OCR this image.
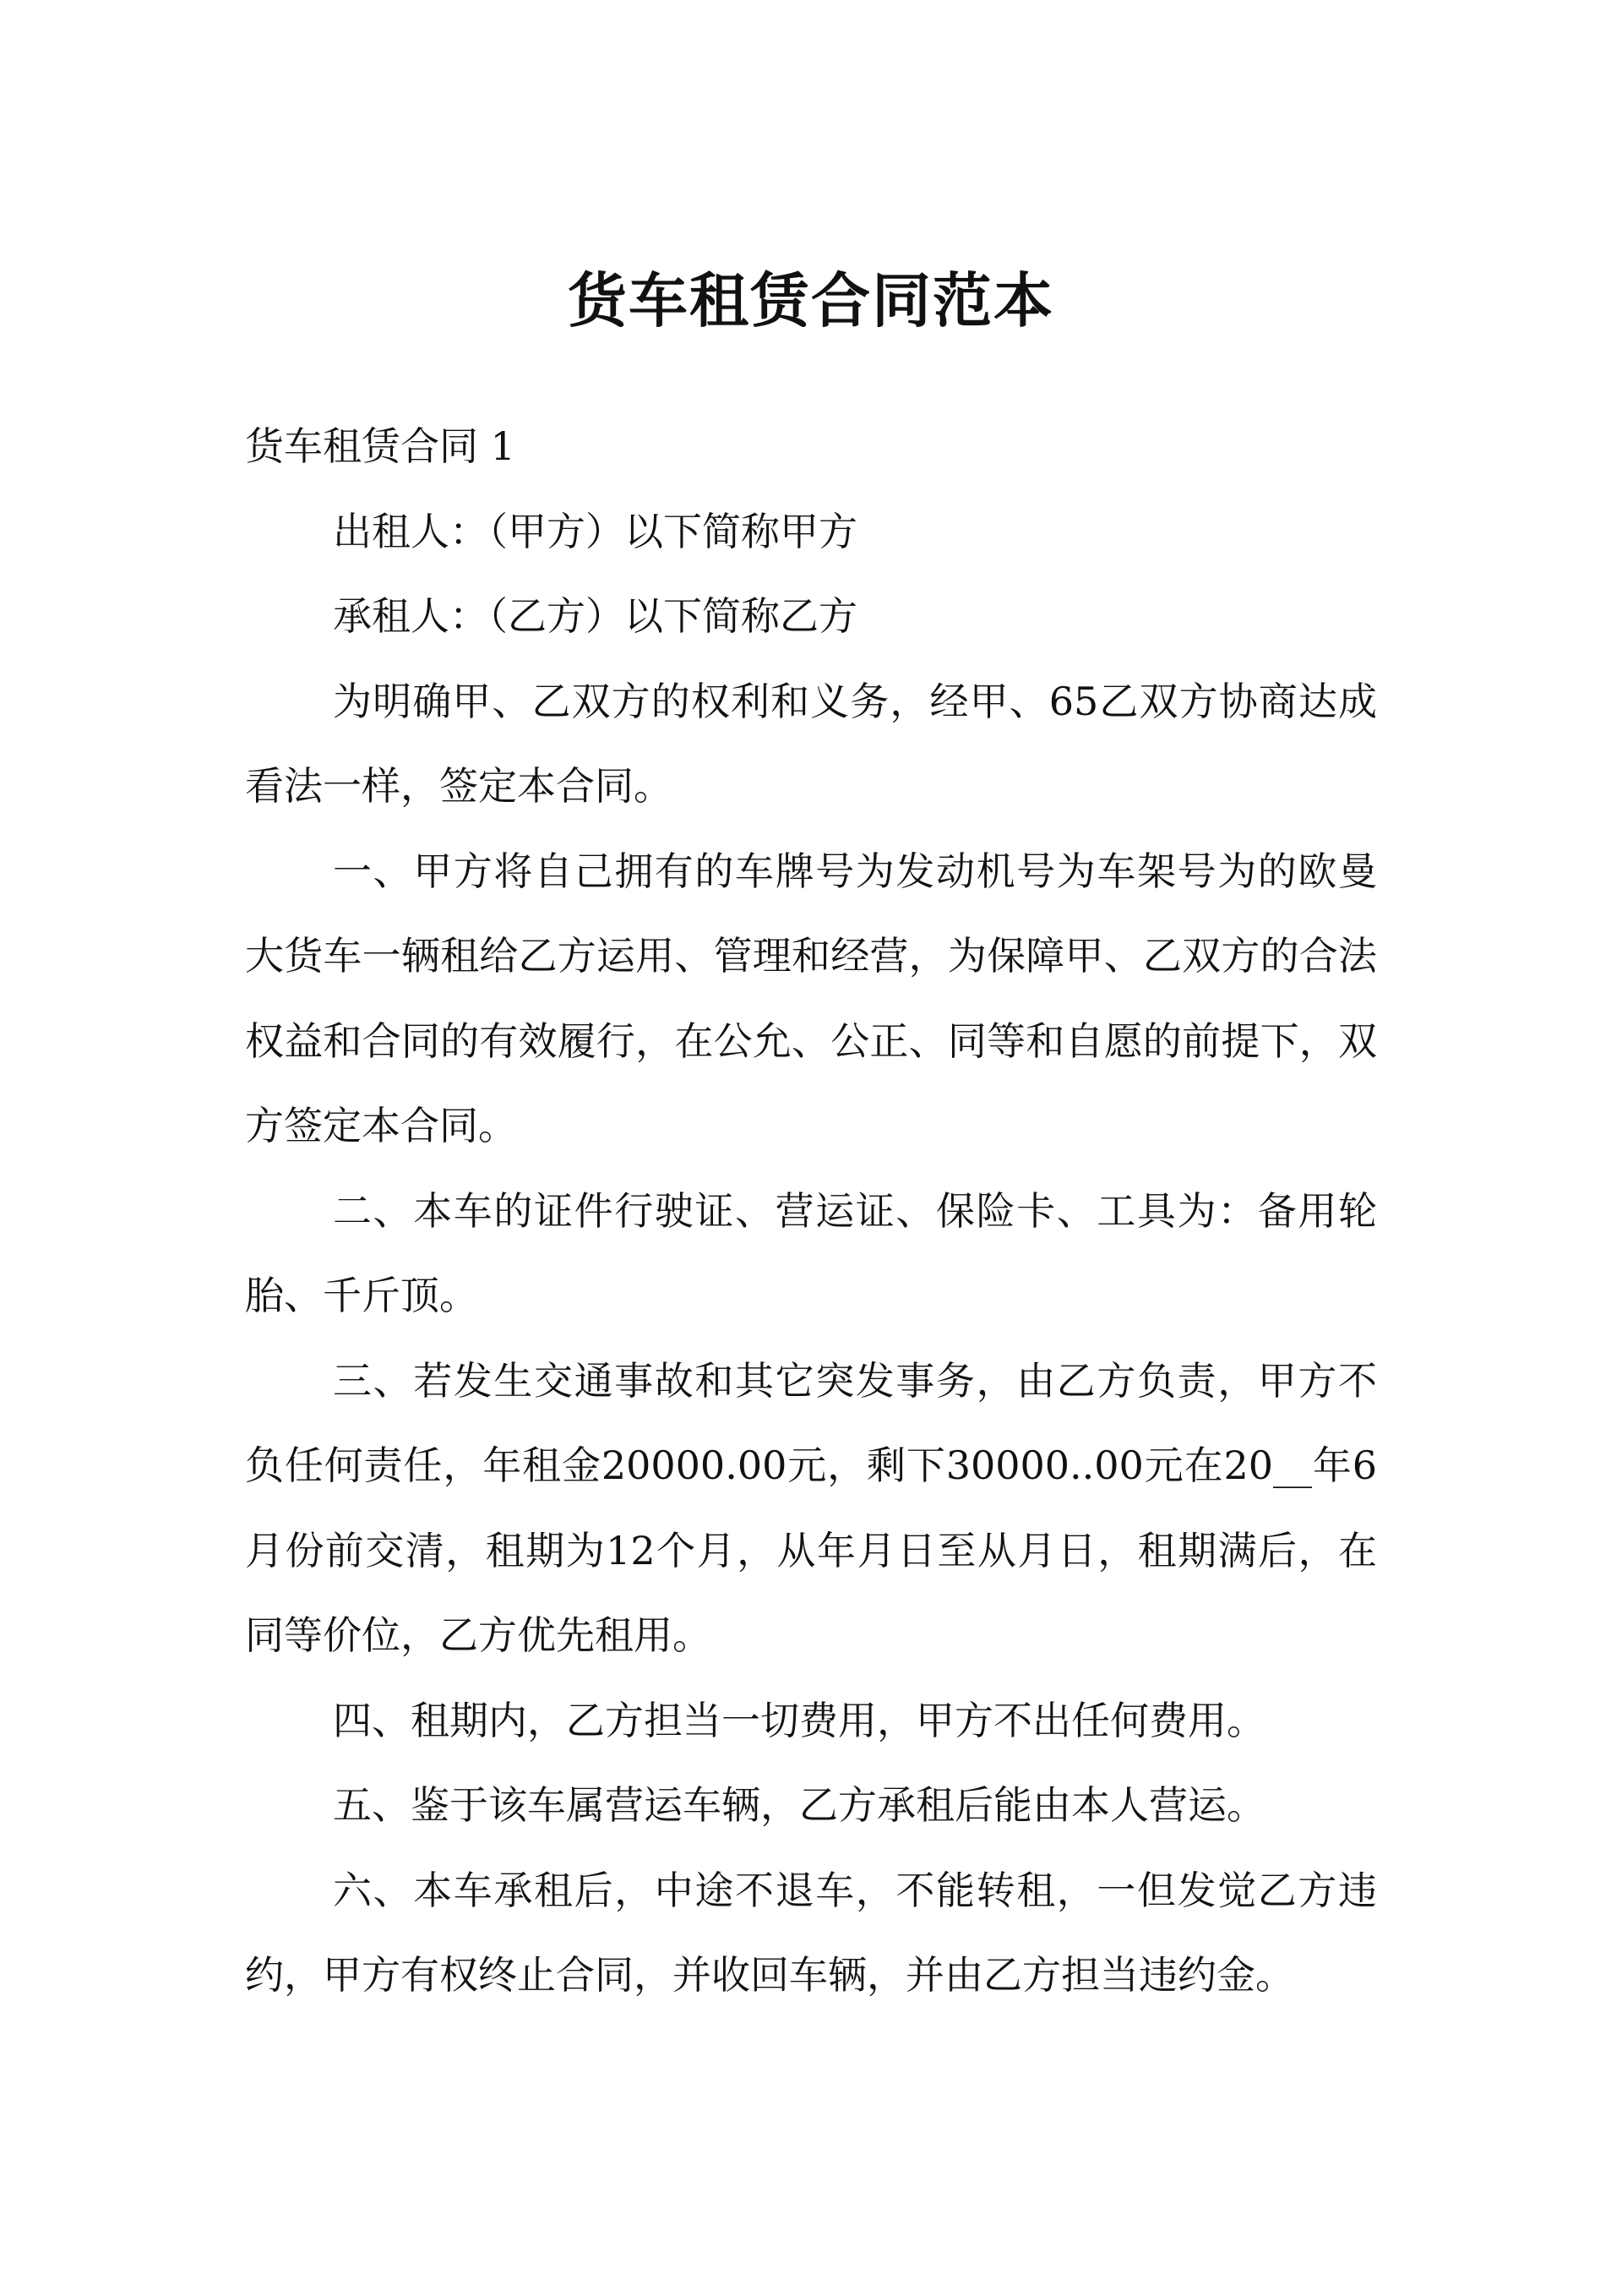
货车租赁合同范本

货车租赁合同 1

出租人：（甲方）以下简称甲方

承租人：（乙方）以下简称乙方

为明确甲、乙双方的权利和义务，经甲、65乙双方协商达成看法一样，签定本合同。

一、甲方将自己拥有的车牌号为发动机号为车架号为的欧曼大货车一辆租给乙方运用、管理和经营，为保障甲、乙双方的合法权益和合同的有效履行，在公允、公正、同等和自愿的前提下，双方签定本合同。

二、本车的证件行驶证、营运证、保险卡、工具为：备用轮胎、千斤顶。

三、若发生交通事故和其它突发事务，由乙方负责，甲方不负任何责任，年租金20000.00元，剩下30000..00元在20__年6月份前交清，租期为12个月，从年月日至从月日，租期满后，在同等价位，乙方优先租用。

四、租期内，乙方担当一切费用，甲方不出任何费用。

五、鉴于该车属营运车辆，乙方承租后能由本人营运。

六、本车承租后，中途不退车，不能转租，一但发觉乙方违约，甲方有权终止合同，并收回车辆，并由乙方担当违约金。
